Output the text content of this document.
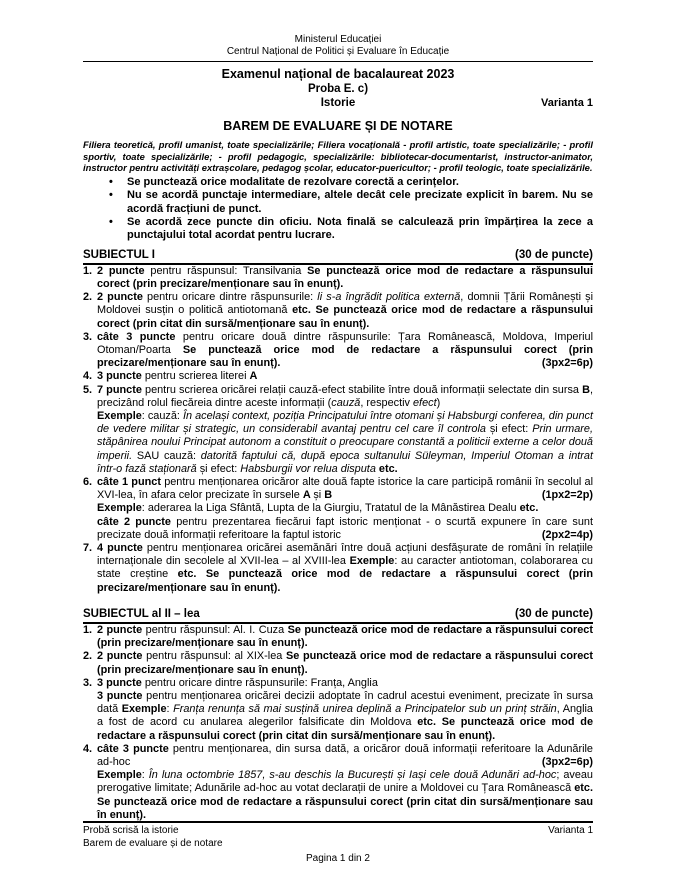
Ministerul Educației
Centrul Național de Politici și Evaluare în Educație
Examenul național de bacalaureat 2023
Proba E. c)
Istorie	Varianta 1
BAREM DE EVALUARE ȘI DE NOTARE
Filiera teoretică, profil umanist, toate specializările; Filiera vocațională - profil artistic, toate specializările; - profil sportiv, toate specializările; - profil pedagogic, specializările: bibliotecar-documentarist, instructor-animator, instructor pentru activități extrașcolare, pedagog școlar, educator-puericultor; - profil teologic, toate specializările.
•	Se punctează orice modalitate de rezolvare corectă a cerințelor.
•	Nu se acordă punctaje intermediare, altele decât cele precizate explicit în barem. Nu se acordă fracțiuni de punct.
•	Se acordă zece puncte din oficiu. Nota finală se calculează prin împărțirea la zece a punctajului total acordat pentru lucrare.
SUBIECTUL I	(30 de puncte)
1. 2 puncte pentru răspunsul: Transilvania Se punctează orice mod de redactare a răspunsului corect (prin precizare/menționare sau în enunț).
2. 2 puncte pentru oricare dintre răspunsurile: li s-a îngrădit politica externă, domnii Țării Românești și Moldovei susțin o politică antiotomană etc. Se punctează orice mod de redactare a răspunsului corect (prin citat din sursă/menționare sau în enunț).
3. câte 3 puncte pentru oricare două dintre răspunsurile: Țara Românească, Moldova, Imperiul Otoman/Poarta Se punctează orice mod de redactare a răspunsului corect (prin precizare/menționare sau în enunț).	(3px2=6p)
4. 3 puncte pentru scrierea literei A
5. 7 puncte pentru scrierea oricărei relații cauză-efect stabilite între două informații selectate din sursa B, precizând rolul fiecăreia dintre aceste informații (cauză, respectiv efect)
Exemple: cauză: În același context, poziția Principatului între otomani și Habsburgi conferea, din punct de vedere militar și strategic, un considerabil avantaj pentru cel care îl controla și efect: Prin urmare, stăpânirea noului Principat autonom a constituit o preocupare constantă a politicii externe a celor două imperii. SAU cauză: datorită faptului că, după epoca sultanului Süleyman, Imperiul Otoman a intrat într-o fază staționară și efect: Habsburgii vor relua disputa etc.
6. câte 1 punct pentru menționarea oricăror alte două fapte istorice la care participă românii în secolul al XVI-lea, în afara celor precizate în sursele A și B	(1px2=2p)
Exemple: aderarea la Liga Sfântă, Lupta de la Giurgiu, Tratatul de la Mânăstirea Dealu etc.
câte 2 puncte pentru prezentarea fiecărui fapt istoric menționat - o scurtă expunere în care sunt precizate două informații referitoare la faptul istoric	(2px2=4p)
7. 4 puncte pentru menționarea oricărei asemănări între două acțiuni desfășurate de români în relațiile internaționale din secolele al XVII-lea – al XVIII-lea Exemple: au caracter antiotoman, colaborarea cu state creștine etc. Se punctează orice mod de redactare a răspunsului corect (prin precizare/menționare sau în enunț).
SUBIECTUL al II – lea	(30 de puncte)
1. 2 puncte pentru răspunsul: Al. I. Cuza Se punctează orice mod de redactare a răspunsului corect (prin precizare/menționare sau în enunț).
2. 2 puncte pentru răspunsul: al XIX-lea Se punctează orice mod de redactare a răspunsului corect (prin precizare/menționare sau în enunț).
3. 3 puncte pentru oricare dintre răspunsurile: Franța, Anglia
3 puncte pentru menționarea oricărei decizii adoptate în cadrul acestui eveniment, precizate în sursa dată Exemple: Franța renunța să mai susțină unirea deplină a Principatelor sub un prinț străin, Anglia a fost de acord cu anularea alegerilor falsificate din Moldova etc. Se punctează orice mod de redactare a răspunsului corect (prin citat din sursă/menționare sau în enunț).
4. câte 3 puncte pentru menționarea, din sursa dată, a oricăror două informații referitoare la Adunările ad-hoc	(3px2=6p)
Exemple: În luna octombrie 1857, s-au deschis la București și Iași cele două Adunări ad-hoc; aveau prerogative limitate; Adunările ad-hoc au votat declarații de unire a Moldovei cu Țara Românească etc. Se punctează orice mod de redactare a răspunsului corect (prin citat din sursă/menționare sau în enunț).
Probă scrisă la istorie	Varianta 1
Barem de evaluare și de notare
Pagina 1 din 2
